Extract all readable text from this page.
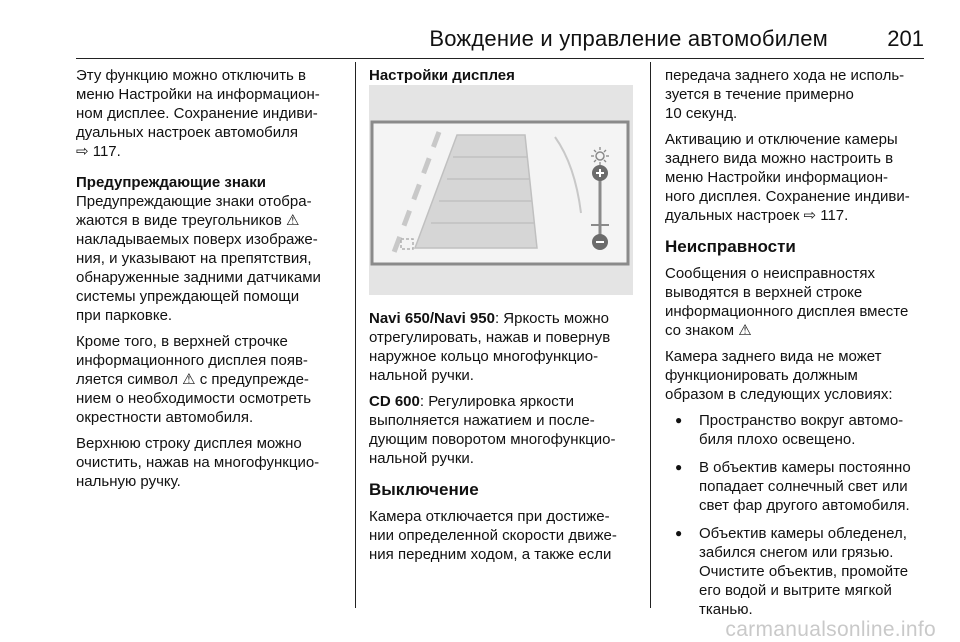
Вождение и управление автомобилем	201

Эту функцию можно отключить в
меню Настройки на информацион-
ном дисплее. Сохранение индиви-
дуальных настроек автомобиля
⇨ 117.

Предупреждающие знаки

Предупреждающие знаки отобра-
жаются в виде треугольников ⚠
накладываемых поверх изображе-
ния, и указывают на препятствия,
обнаруженные задними датчиками
системы упреждающей помощи
при парковке.

Кроме того, в верхней строчке
информационного дисплея появ-
ляется символ ⚠ с предупрежде-
нием о необходимости осмотреть
окрестности автомобиля.

Верхнюю строку дисплея можно
очистить, нажав на многофункцио-
нальную ручку.

Настройки дисплея

Navi 650/Navi 950: Яркость можно
отрегулировать, нажав и повернув
наружное кольцо многофункцио-
нальной ручки.

CD 600: Регулировка яркости
выполняется нажатием и после-
дующим поворотом многофункцио-
нальной ручки.

Выключение

Камера отключается при достиже-
нии определенной скорости движе-
ния передним ходом, а также если

передача заднего хода не исполь-
зуется в течение примерно
10 секунд.

Активацию и отключение камеры
заднего вида можно настроить в
меню Настройки информацион-
ного дисплея. Сохранение индиви-
дуальных настроек ⇨ 117.

Неисправности

Сообщения о неисправностях
выводятся в верхней строке
информационного дисплея вместе
со знаком ⚠

Камера заднего вида не может
функционировать должным
образом в следующих условиях:

● Пространство вокруг автомо-
биля плохо освещено.
● В объектив камеры постоянно
попадает солнечный свет или
свет фар другого автомобиля.
● Объектив камеры обледенел,
забился снегом или грязью.
Очистите объектив, промойте
его водой и вытрите мягкой
тканью.
carmanualsonline.info
